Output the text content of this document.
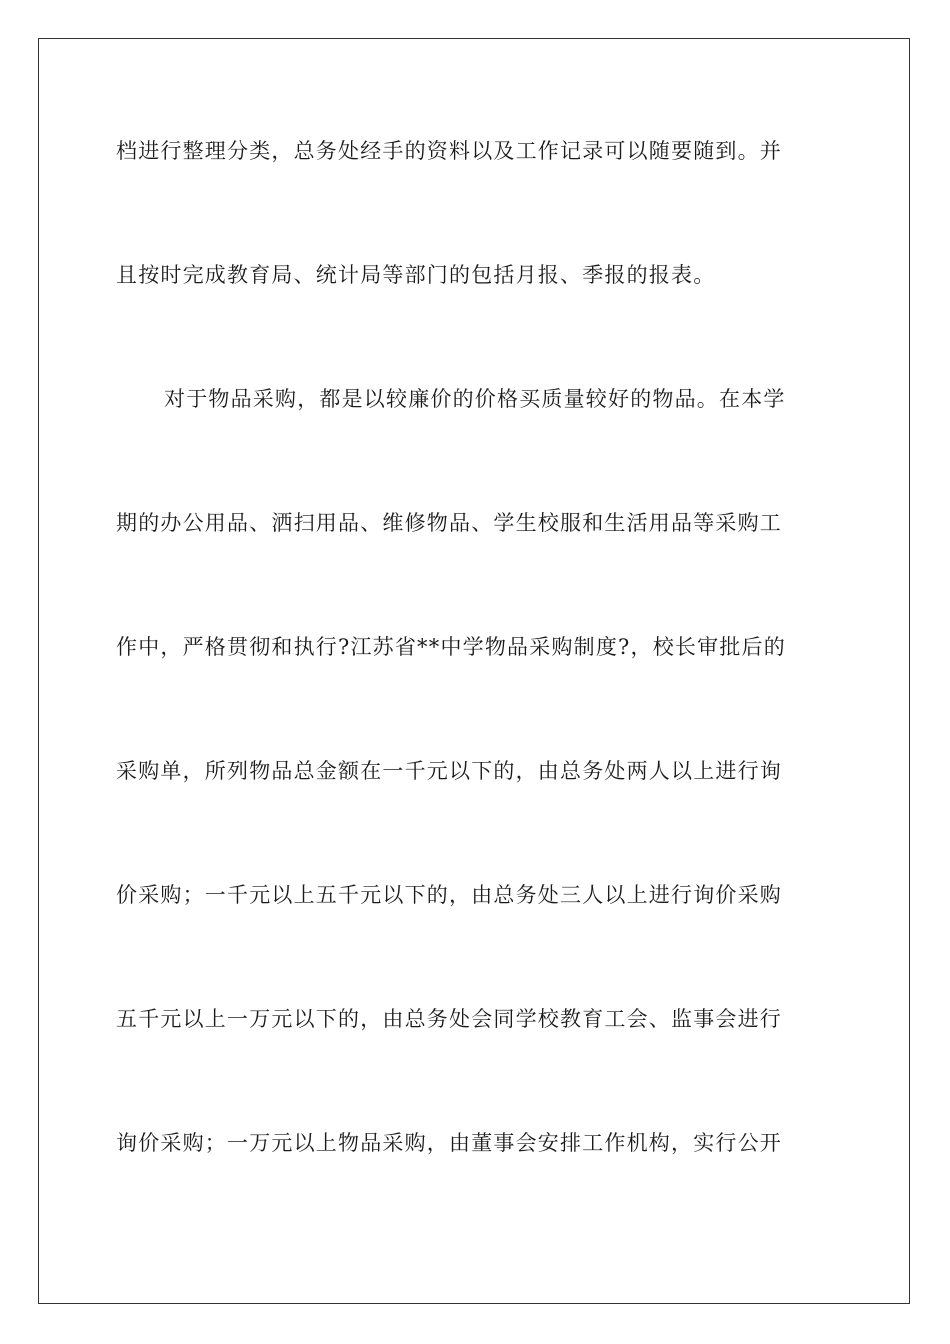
档进行整理分类，总务处经手的资料以及工作记录可以随要随到。并
且按时完成教育局、统计局等部门的包括月报、季报的报表。
对于物品采购，都是以较廉价的价格买质量较好的物品。在本学
期的办公用品、洒扫用品、维修物品、学生校服和生活用品等采购工
作中，严格贯彻和执行?江苏省**中学物品采购制度?，校长审批后的
采购单，所列物品总金额在一千元以下的，由总务处两人以上进行询
价采购；一千元以上五千元以下的，由总务处三人以上进行询价采购
五千元以上一万元以下的，由总务处会同学校教育工会、监事会进行
询价采购；一万元以上物品采购，由董事会安排工作机构，实行公开
